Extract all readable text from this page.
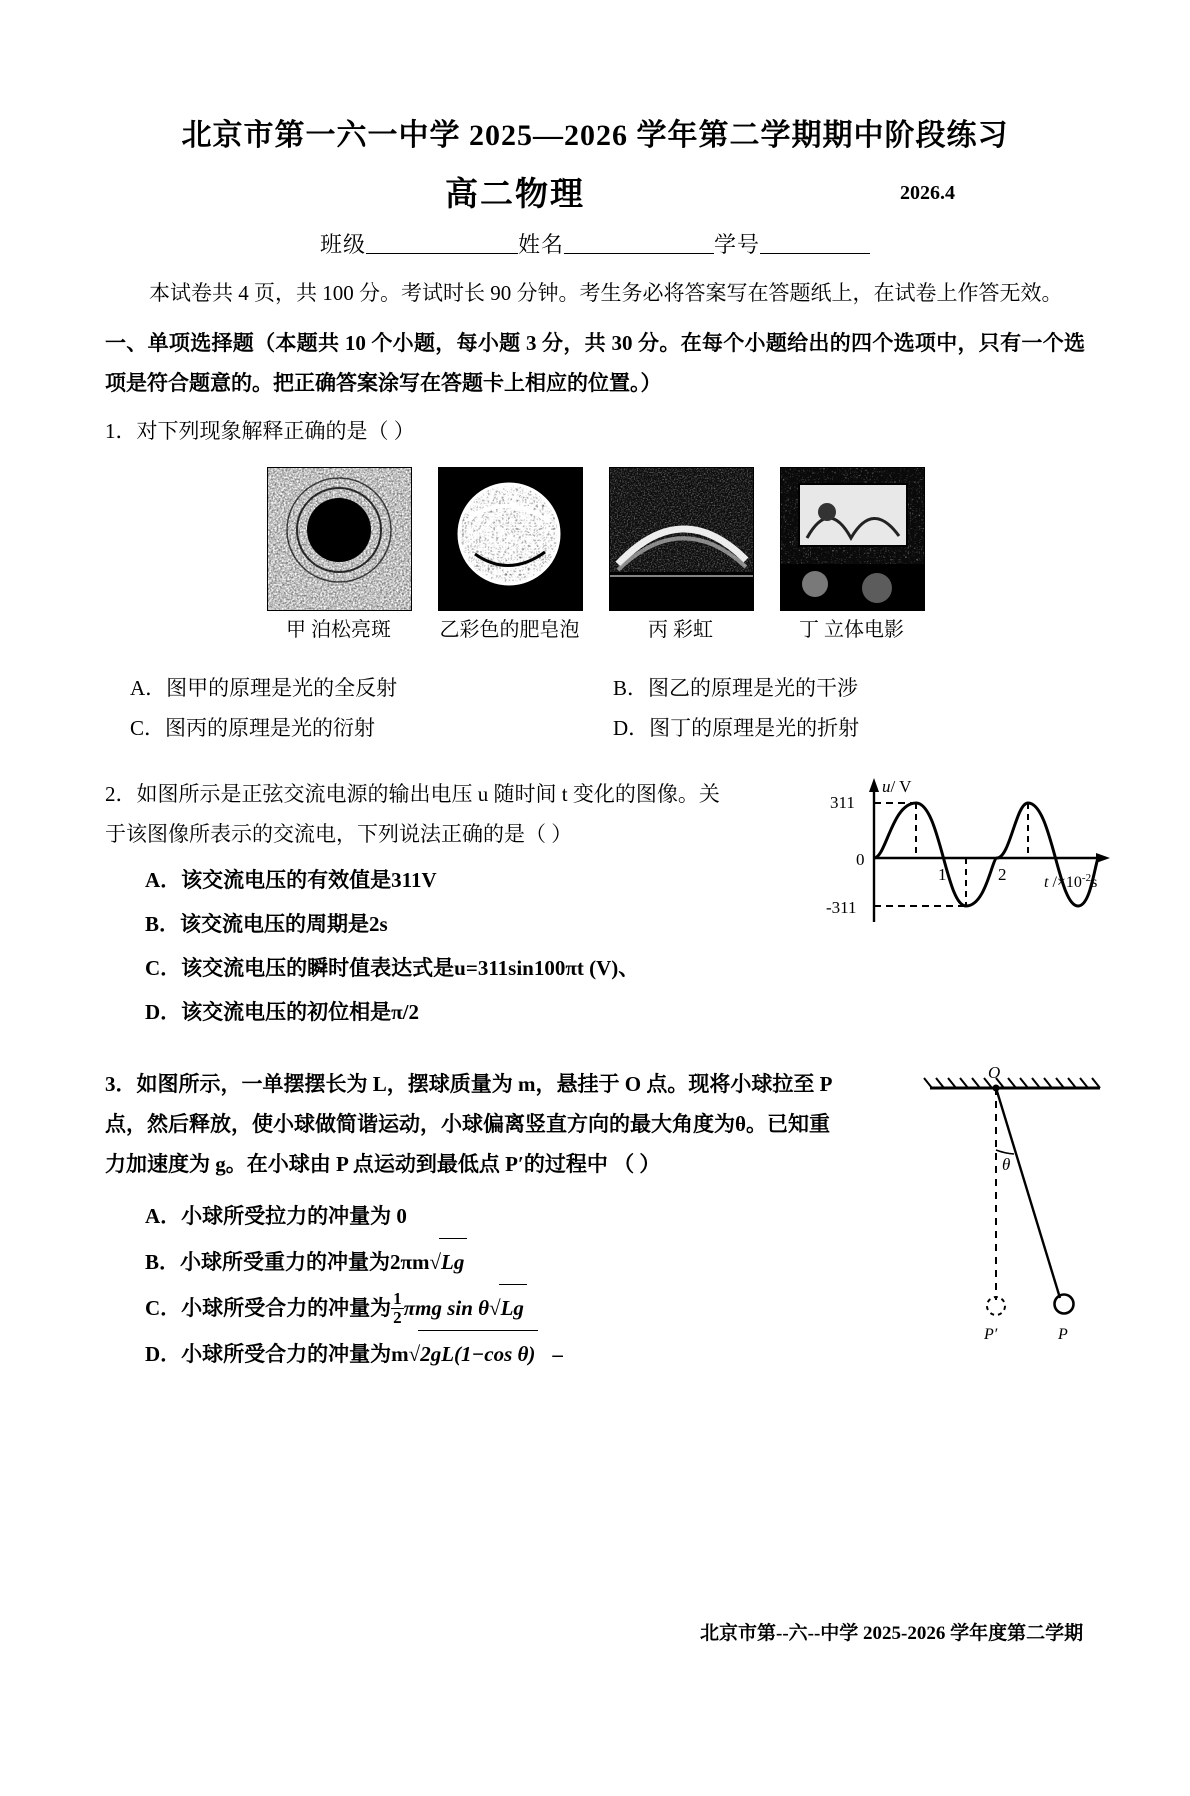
北京市第一六一中学 2025—2026 学年第二学期期中阶段练习
高二物理	2026.4
班级	姓名	学号
本试卷共 4 页，共 100 分。考试时长 90 分钟。考生务必将答案写在答题纸上，在试卷上作答无效。
一、单项选择题（本题共 10 个小题，每小题 3 分，共 30 分。在每个小题给出的四个选项中，只有一个选项是符合题意的。把正确答案涂写在答题卡上相应的位置。）
1．对下列现象解释正确的是（ ）
甲 泊松亮斑	乙彩色的肥皂泡	丙 彩虹	丁 立体电影
A．图甲的原理是光的全反射	B．图乙的原理是光的干涉
C．图丙的原理是光的衍射	D．图丁的原理是光的折射
2．如图所示是正弦交流电源的输出电压 u 随时间 t 变化的图像。关
于该图像所表示的交流电，下列说法正确的是（ ）
A．该交流电压的有效值是311V
B．该交流电压的周期是2s
C．该交流电压的瞬时值表达式是u=311sin100πt (V)、
D．该交流电压的初位相是π/2
u/ V
t $/\times 10^{-2}s$
311
0
-311
1	2
3．如图所示，一单摆摆长为 L，摆球质量为 m，悬挂于 O 点。现将小球拉至 P
点，然后释放，使小球做简谐运动，小球偏离竖直方向的最大角度为θ。已知重
力加速度为 g。在小球由 P 点运动到最低点 P′的过程中 （ ）
A．小球所受拉力的冲量为 0
B．小球所受重力的冲量为2πm√Lg
C．小球所受合力的冲量为 $\frac{1}{2}$ πmg sin θ√Lg
D．小球所受合力的冲量为m√2gL(1−cos θ) –
O
θ
P′	P
北京市第--六--中学 2025-2026 学年度第二学期
